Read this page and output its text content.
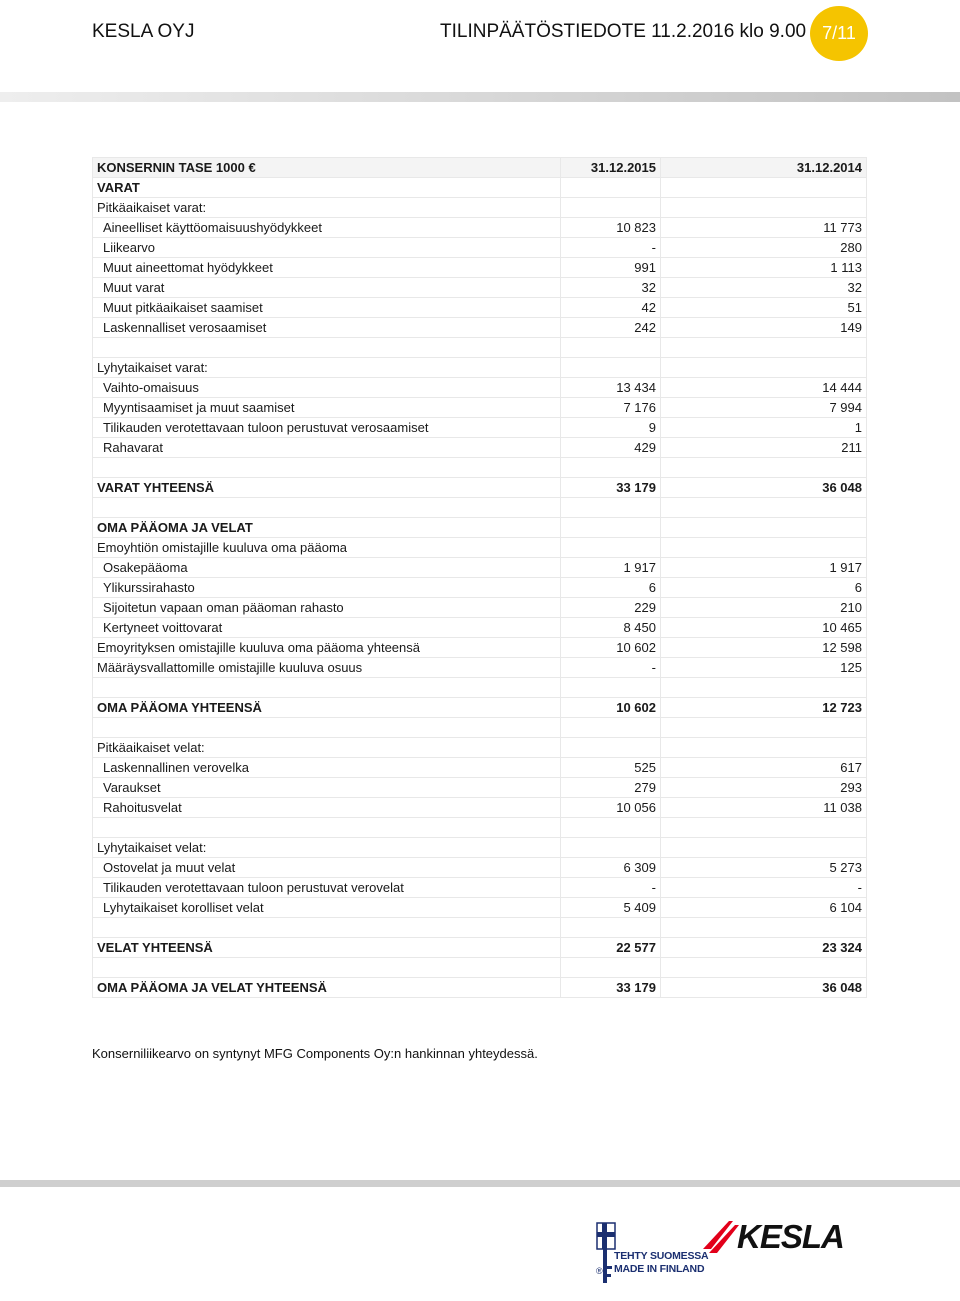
KESLA OYJ	TILINPÄÄTÖSTIEDOTE 11.2.2016 klo 9.00 7/11
KONSERNIN TASE 1000 €	31.12.2015	31.12.2014
VARAT		
Pitkäaikaiset varat:		
Aineelliset käyttöomaisuushyödykkeet	10 823	11 773
Liikearvo	-	280
Muut aineettomat hyödykkeet	991	1 113
Muut varat	32	32
Muut pitkäaikaiset saamiset	42	51
Laskennalliset verosaamiset	242	149

Lyhytaikaiset varat:		
Vaihto-omaisuus	13 434	14 444
Myyntisaamiset ja muut saamiset	7 176	7 994
Tilikauden verotettavaan tuloon perustuvat verosaamiset	9	1
Rahavarat	429	211

VARAT YHTEENSÄ	33 179	36 048

OMA PÄÄOMA JA VELAT		
Emoyhtiön omistajille kuuluva oma pääoma		
Osakepääoma	1 917	1 917
Ylikurssirahasto	6	6
Sijoitetun vapaan oman pääoman rahasto	229	210
Kertyneet voittovarat	8 450	10 465
Emoyrityksen omistajille kuuluva oma pääoma yhteensä	10 602	12 598
Määräysvallattomille omistajille kuuluva osuus	-	125

OMA PÄÄOMA YHTEENSÄ	10 602	12 723

Pitkäaikaiset velat:		
Laskennallinen verovelka	525	617
Varaukset	279	293
Rahoitusvelat	10 056	11 038

Lyhytaikaiset velat:		
Ostovelat ja muut velat	6 309	5 273
Tilikauden verotettavaan tuloon perustuvat verovelat	-	-
Lyhytaikaiset korolliset velat	5 409	6 104

VELAT YHTEENSÄ	22 577	23 324

OMA PÄÄOMA JA VELAT YHTEENSÄ	33 179	36 048
Konserniliikearvo on syntynyt MFG Components Oy:n hankinnan yhteydessä.
®
TEHTY SUOMESSA
MADE IN FINLAND
KESLA
